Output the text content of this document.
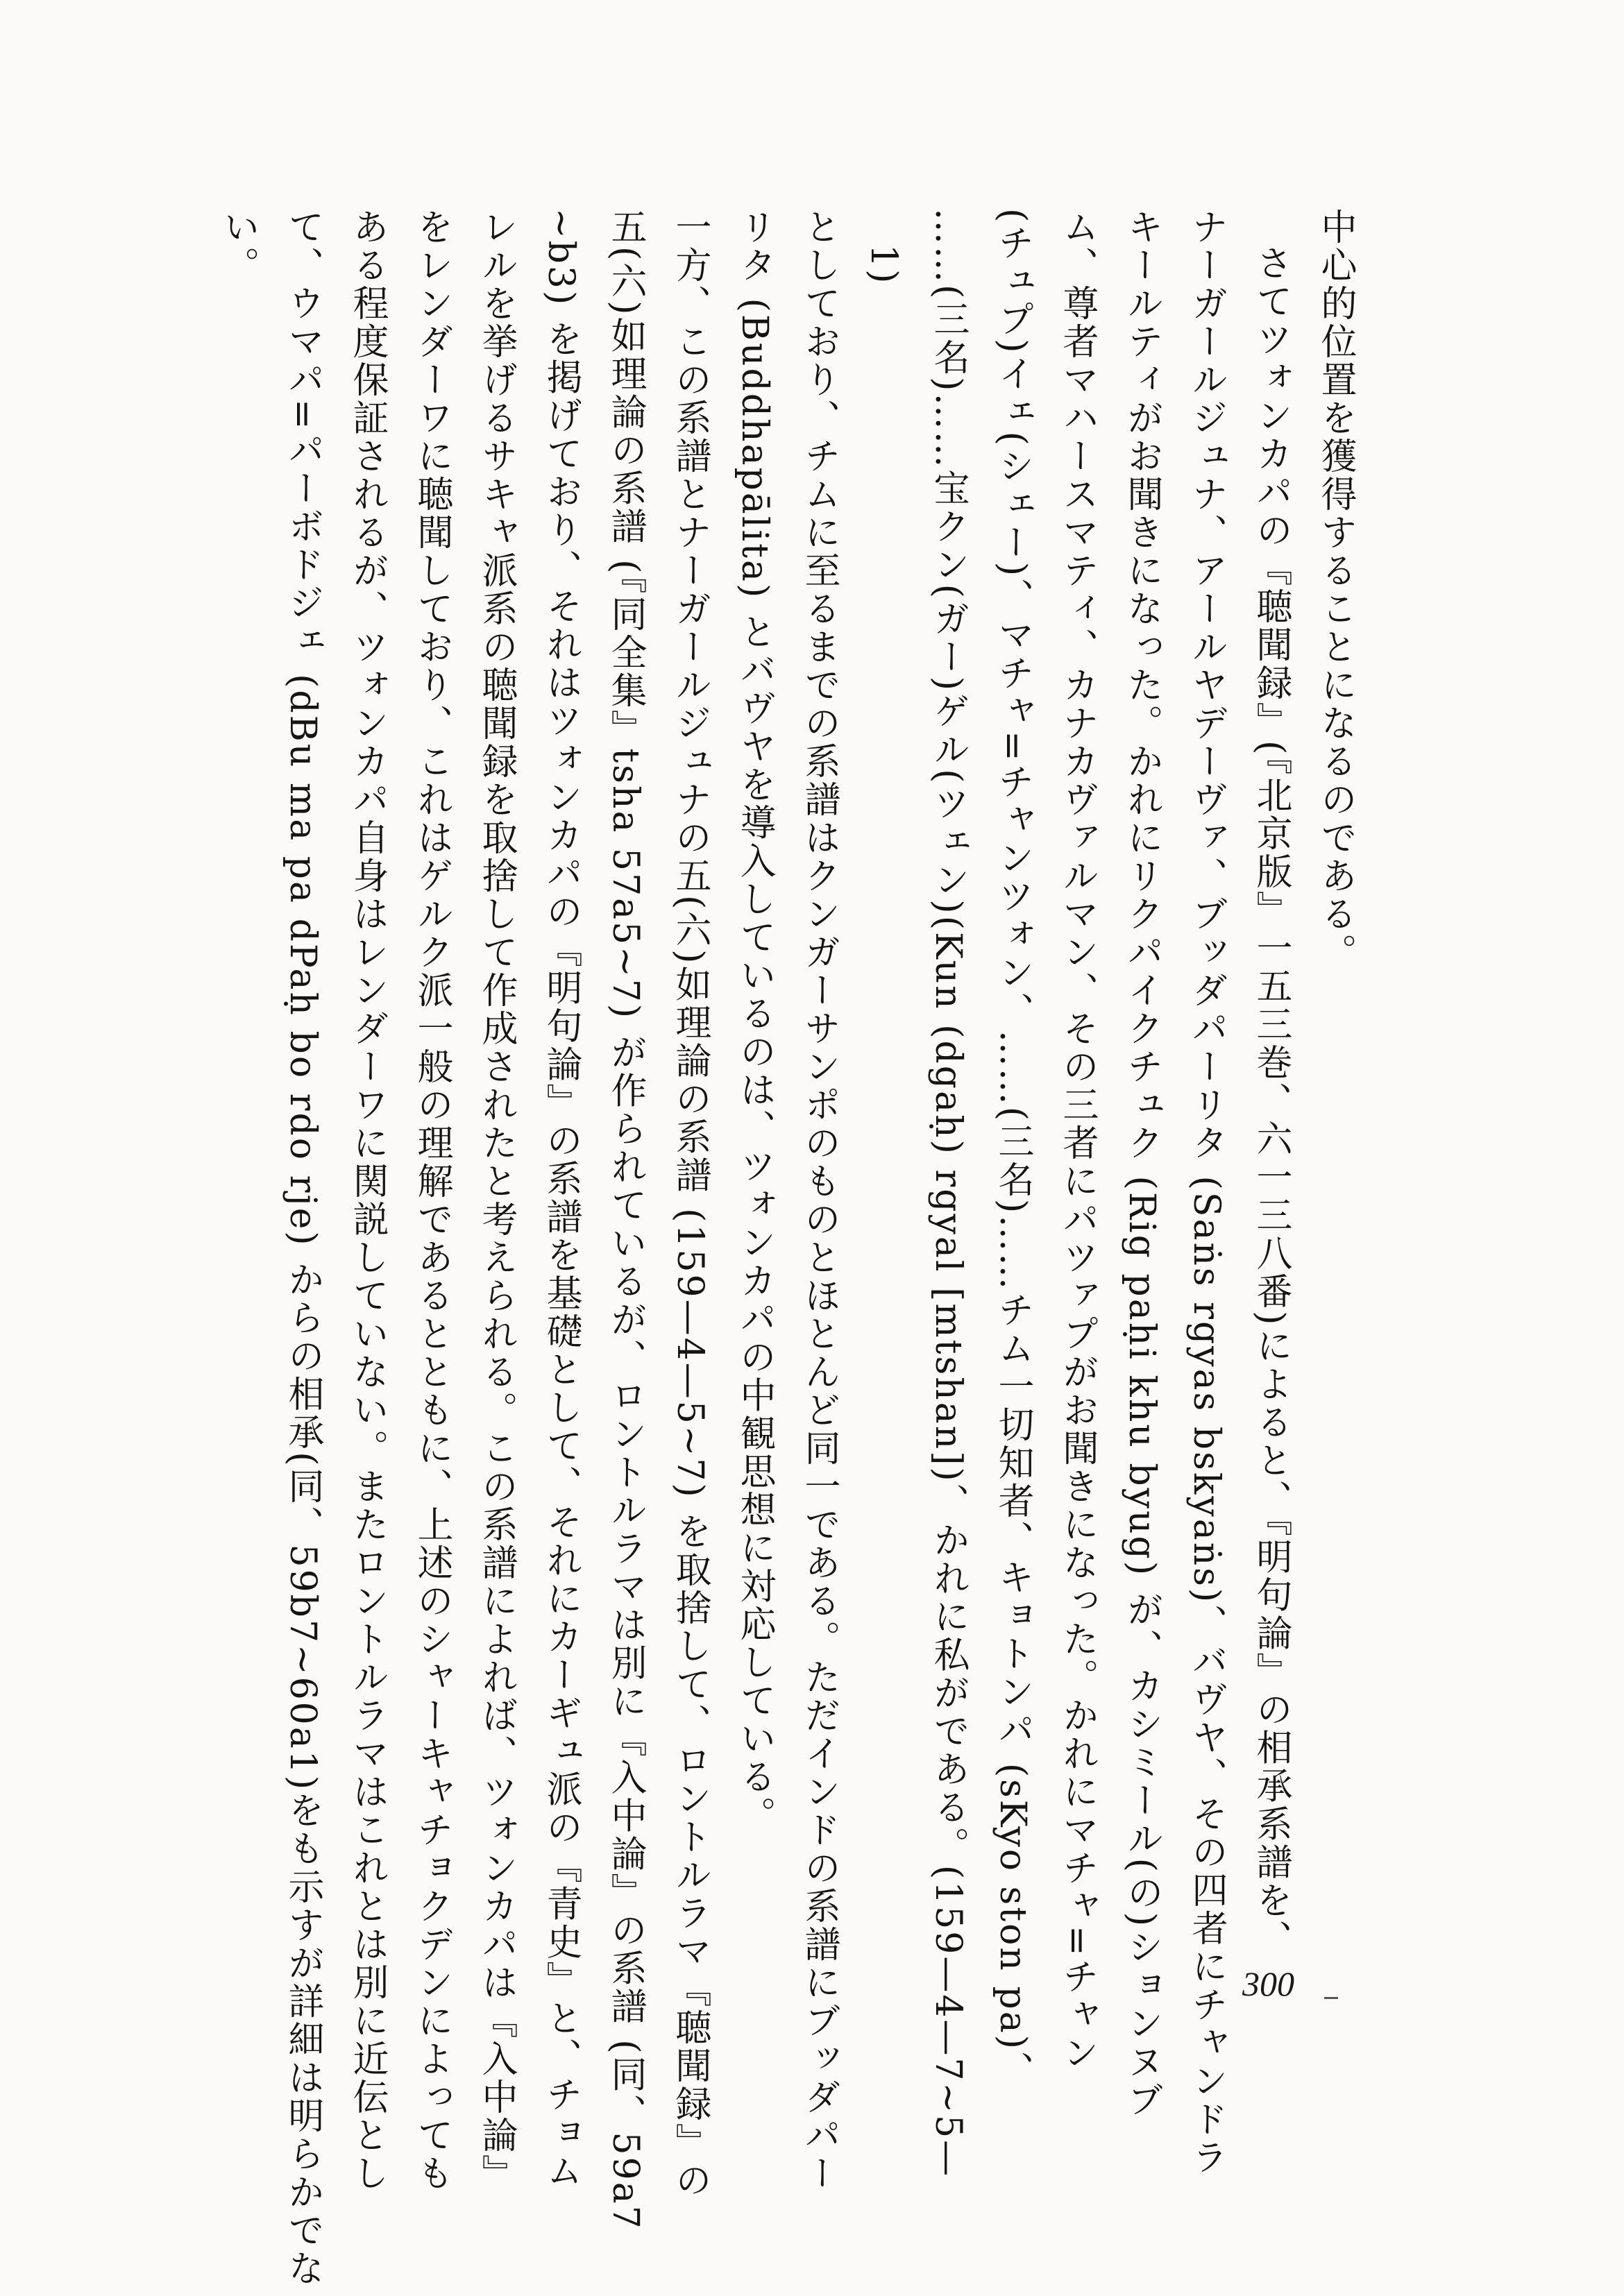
中心的位置を獲得することになるのである。
さてツォンカパの『聴聞録』(『北京版』一五三巻、六一三八番)によると、『明句論』の相承系譜を、
ナーガールジュナ、アールヤデーヴァ、ブッダパーリタ (Saṅs rgyas bskyaṅs)、バヴヤ、その四者にチャンドラ
キールティがお聞きになった。かれにリクパイクチュク (Rig paḥi khu byug) が、カシミール(の)ションヌブ
ム、尊者マハースマティ、カナカヴァルマン、その三者にパツァプがお聞きになった。かれにマチャ=チャン
(チュプ)イェ(シェー)、マチャ=チャンツォン、……(三名)……チム一切知者、キョトンパ (sKyo ston pa)、
……(三名)……宝クン(ガー)ゲル(ツェン)(Kun (dgaḥ) rgyal [mtshan])、かれに私がである。(159—4—7~5—
1)
としており、チムに至るまでの系譜はクンガーサンポのものとほとんど同一である。ただインドの系譜にブッダパー
リタ (Buddhapālita) とバヴヤを導入しているのは、ツォンカパの中観思想に対応している。
一方、この系譜とナーガールジュナの五(六)如理論の系譜 (159—4—5~7) を取捨して、ロントルラマ『聴聞録』の
五(六)如理論の系譜 (『同全集』tsha 57a5~7) が作られているが、ロントルラマは別に『入中論』の系譜 (同、59a7
~b3) を掲げており、それはツォンカパの『明句論』の系譜を基礎として、それにカーギュ派の『青史』と、チョム
レルを挙げるサキャ派系の聴聞録を取捨して作成されたと考えられる。この系譜によれば、ツォンカパは『入中論』
をレンダーワに聴聞しており、これはゲルク派一般の理解であるとともに、上述のシャーキャチョクデンによっても
ある程度保証されるが、ツォンカパ自身はレンダーワに関説していない。またロントルラマはこれとは別に近伝とし
て、ウマパ=パーボドジェ (dBu ma pa dPaḥ bo rdo rje) からの相承(同、59b7~60a1)をも示すが詳細は明らかでな
い。
300
